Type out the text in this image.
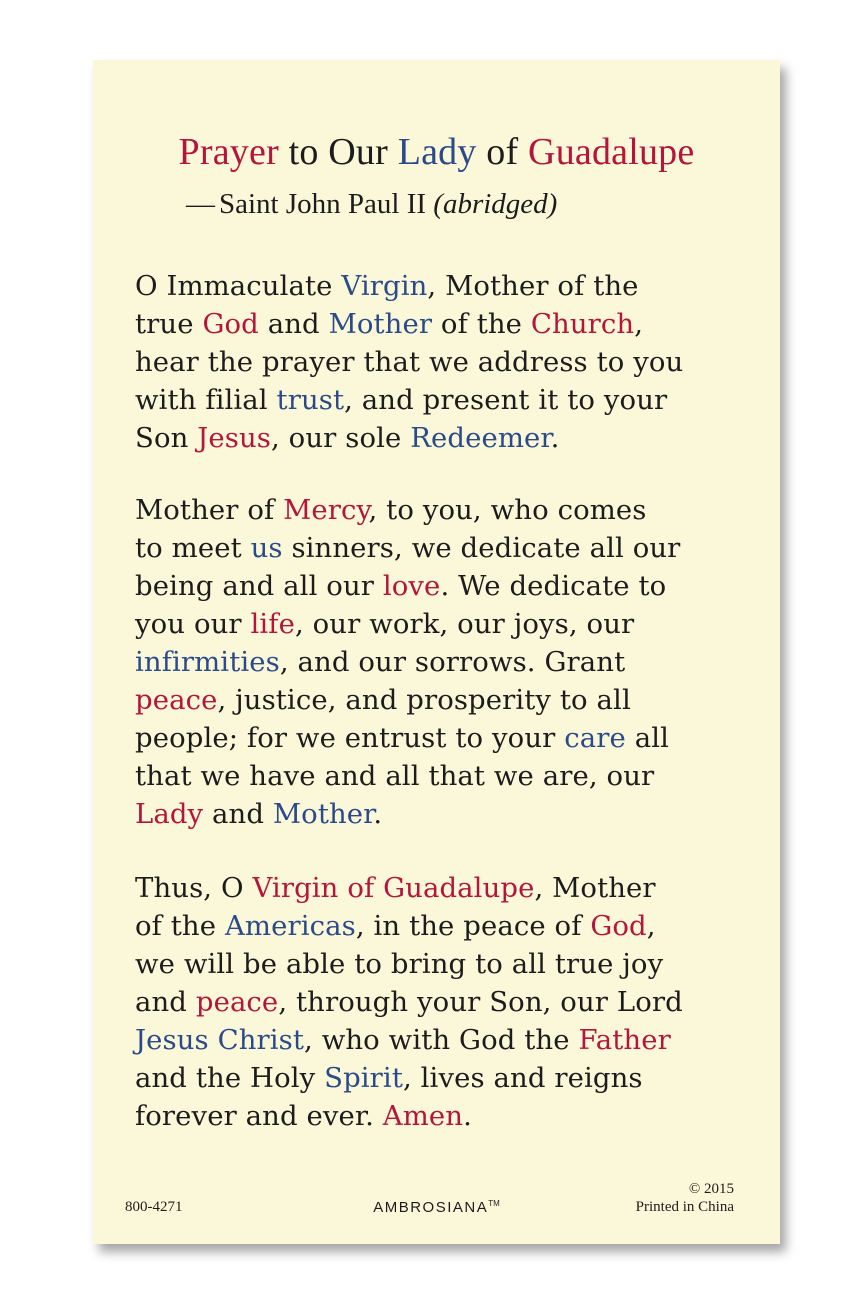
Prayer to Our Lady of Guadalupe
— Saint John Paul II (abridged)

O Immaculate Virgin, Mother of the
true God and Mother of the Church,
hear the prayer that we address to you
with filial trust, and present it to your
Son Jesus, our sole Redeemer.

Mother of Mercy, to you, who comes
to meet us sinners, we dedicate all our
being and all our love. We dedicate to
you our life, our work, our joys, our
infirmities, and our sorrows. Grant
peace, justice, and prosperity to all
people; for we entrust to your care all
that we have and all that we are, our
Lady and Mother.

Thus, O Virgin of Guadalupe, Mother
of the Americas, in the peace of God,
we will be able to bring to all true joy
and peace, through your Son, our Lord
Jesus Christ, who with God the Father
and the Holy Spirit, lives and reigns
forever and ever. Amen.

800-4271	AMBROSIANA™
© 2015
Printed in China
